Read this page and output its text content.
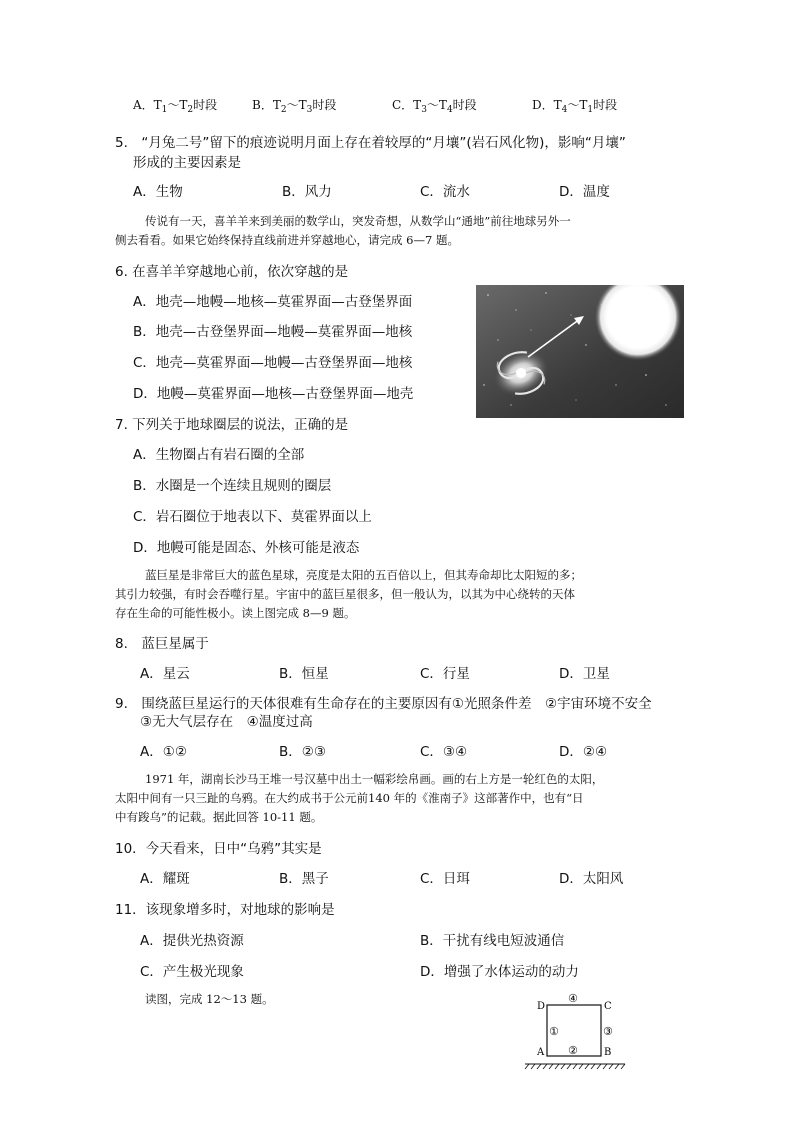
A．$T_1\sim T_2$时段	B．$T_2\sim T_3$时段	C．$T_3\sim T_4$时段	D．$T_4\sim T_1$时段
5.　“月兔二号”留下的痕迹说明月面上存在着较厚的“月壤”(岩石风化物)，影响“月壤”
形成的主要因素是
A．生物	B．风力	C．流水	D．温度
传说有一天，喜羊羊来到美丽的数学山，突发奇想，从数学山“通地”前往地球另外一
侧去看看。如果它始终保持直线前进并穿越地心，请完成 6—7 题。
6. 在喜羊羊穿越地心前，依次穿越的是
A．地壳—地幔—地核—莫霍界面—古登堡界面
B．地壳—古登堡界面—地幔—莫霍界面—地核
C．地壳—莫霍界面—地幔—古登堡界面—地核
D．地幔—莫霍界面—地核—古登堡界面—地壳
7. 下列关于地球圈层的说法，正确的是
A．生物圈占有岩石圈的全部
B．水圈是一个连续且规则的圈层
C．岩石圈位于地表以下、莫霍界面以上
D．地幔可能是固态、外核可能是液态
蓝巨星是非常巨大的蓝色星球，亮度是太阳的五百倍以上，但其寿命却比太阳短的多；
其引力较强，有时会吞噬行星。宇宙中的蓝巨星很多，但一般认为，以其为中心绕转的天体
存在生命的可能性极小。读上图完成 8—9 题。
8.　蓝巨星属于
A．星云	B．恒星	C．行星	D．卫星
9.　围绕蓝巨星运行的天体很难有生命存在的主要原因有①光照条件差　②宇宙环境不安全
③无大气层存在　④温度过高
A．①②	B．②③	C．③④	D．②④
1971 年，湖南长沙马王堆一号汉墓中出土一幅彩绘帛画。画的右上方是一轮红色的太阳，
太阳中间有一只三趾的乌鸦。在大约成书于公元前140 年的《淮南子》这部著作中，也有“日
中有踆乌”的记载。据此回答 10-11 题。
10．今天看来，日中“乌鸦”其实是
A．耀斑	B．黑子	C．日珥	D．太阳风
11．该现象增多时，对地球的影响是
A．提供光热资源	B．干扰有线电短波通信
C．产生极光现象	D．增强了水体运动的动力
读图，完成 12～13 题。
D	C
A	B
④
①	③
②
